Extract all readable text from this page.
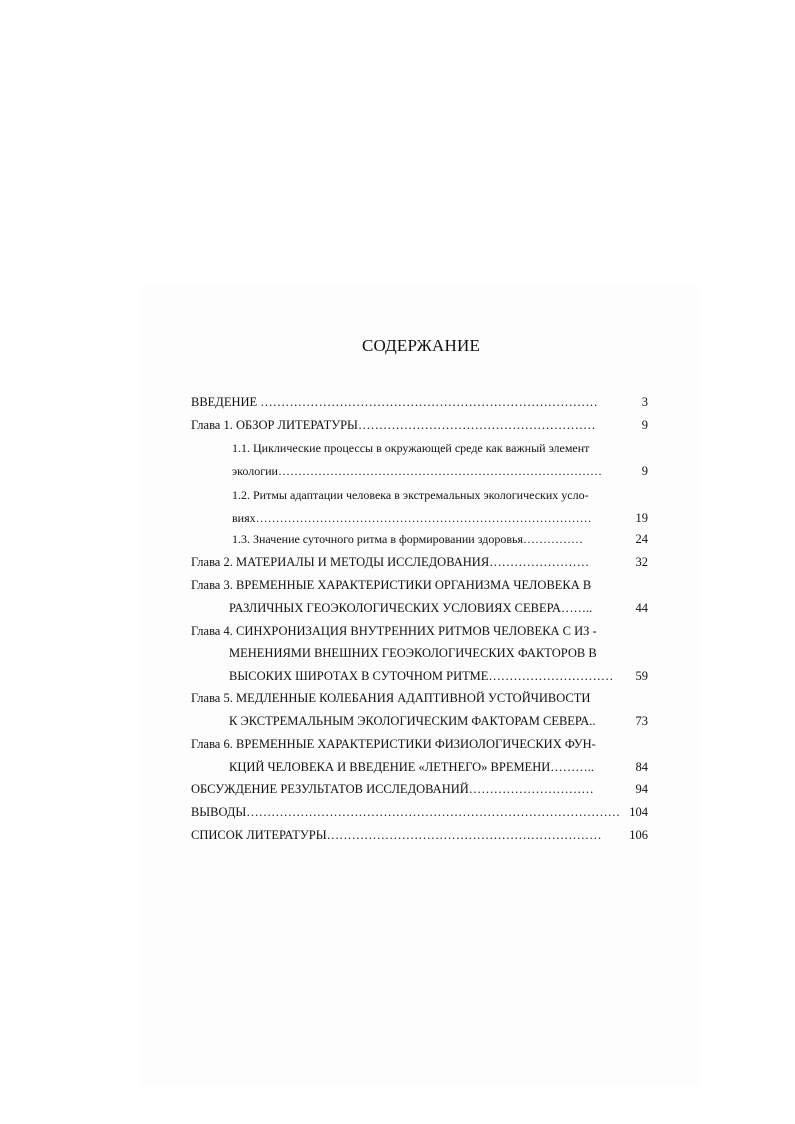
СОДЕРЖАНИЕ
ВВЕДЕНИЕ ………………………………………………………………………	3
Глава 1. ОБЗОР ЛИТЕРАТУРЫ…………………………………………………	9
1.1. Циклические процессы в окружающей среде как важный элемент
экологии………………………………………………………………………	9
1.2. Ритмы адаптации человека в экстремальных экологических усло-
виях…………………………………………………………………………	19
1.3. Значение суточного ритма в формировании здоровья……………	24
Глава 2. МАТЕРИАЛЫ И МЕТОДЫ ИССЛЕДОВАНИЯ……………………	32
Глава 3. ВРЕМЕННЫЕ ХАРАКТЕРИСТИКИ ОРГАНИЗМА ЧЕЛОВЕКА В
РАЗЛИЧНЫХ ГЕОЭКОЛОГИЧЕСКИХ УСЛОВИЯХ СЕВЕРА……..	44
Глава 4. СИНХРОНИЗАЦИЯ ВНУТРЕННИХ РИТМОВ ЧЕЛОВЕКА С ИЗ -
МЕНЕНИЯМИ ВНЕШНИХ ГЕОЭКОЛОГИЧЕСКИХ ФАКТОРОВ В
ВЫСОКИХ ШИРОТАХ В СУТОЧНОМ РИТМЕ………………………… 59
Глава 5. МЕДЛЕННЫЕ КОЛЕБАНИЯ АДАПТИВНОЙ УСТОЙЧИВОСТИ
К ЭКСТРЕМАЛЬНЫМ ЭКОЛОГИЧЕСКИМ ФАКТОРАМ СЕВЕРА..	73
Глава 6. ВРЕМЕННЫЕ ХАРАКТЕРИСТИКИ ФИЗИОЛОГИЧЕСКИХ ФУН-
КЦИЙ ЧЕЛОВЕКА И ВВЕДЕНИЕ «ЛЕТНЕГО» ВРЕМЕНИ………..	84
ОБСУЖДЕНИЕ РЕЗУЛЬТАТОВ ИССЛЕДОВАНИЙ…………………………	94
ВЫВОДЫ……………………………………………………………………………… 104
СПИСОК ЛИТЕРАТУРЫ………………………………………………………… 106
